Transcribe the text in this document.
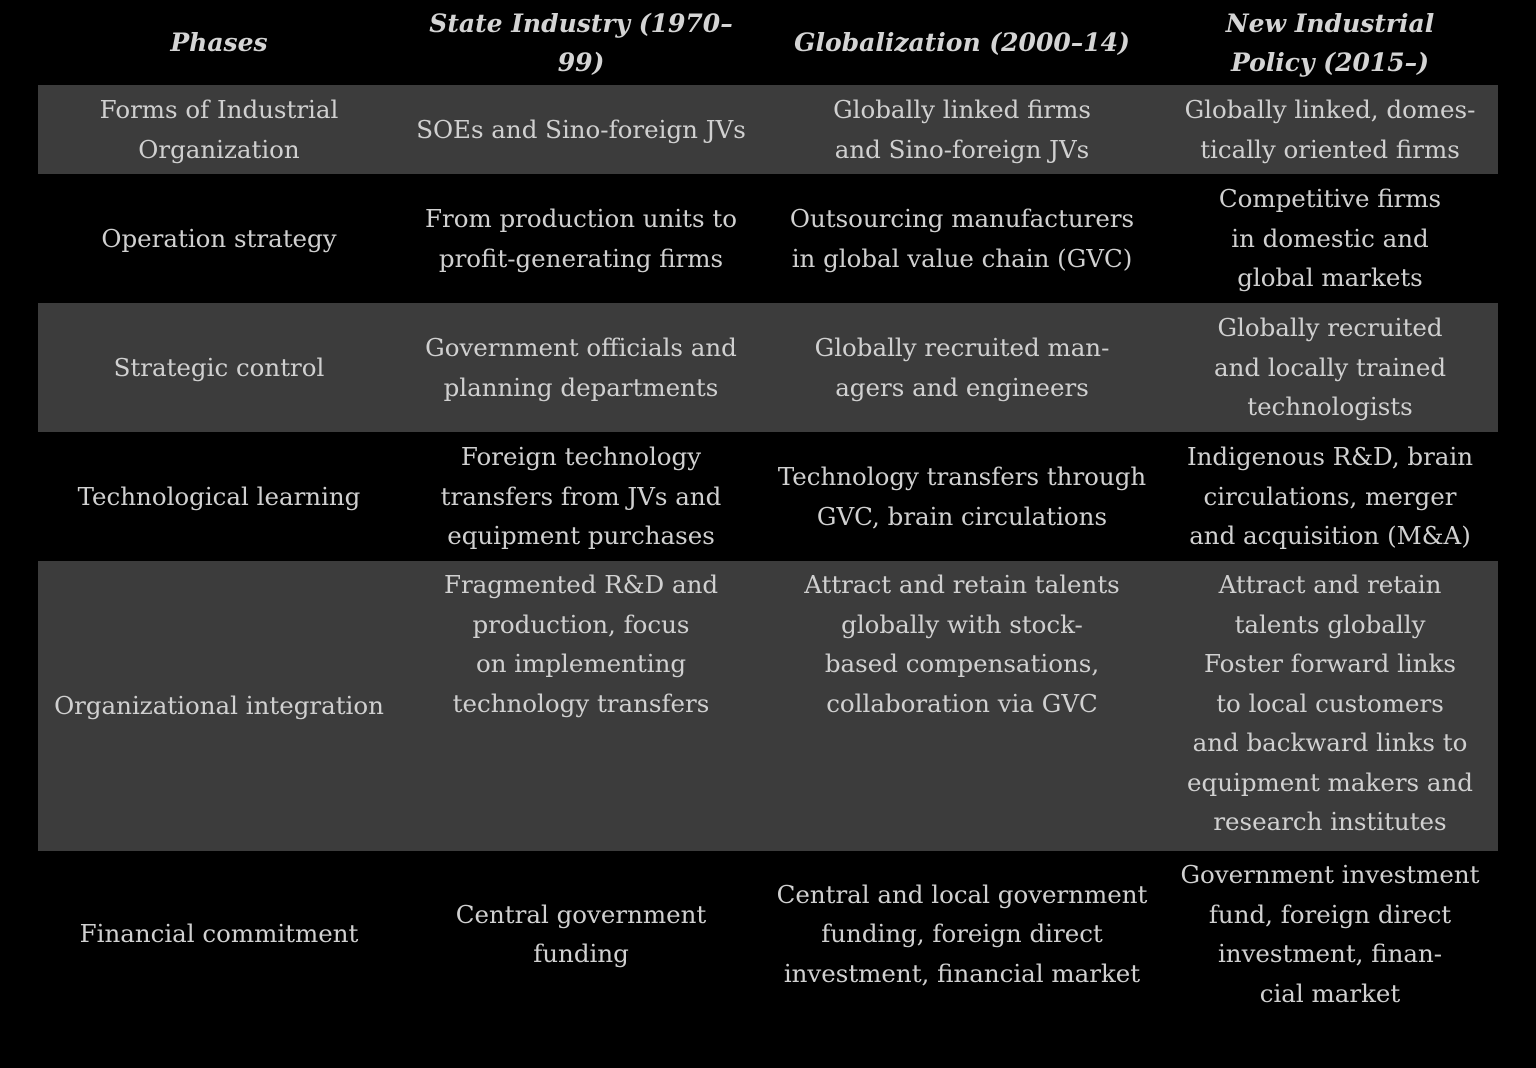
Phases
State Industry (1970–99)
Globalization (2000–14)
New Industrial
Policy (2015–)
Forms of Industrial
Organization
SOEs and Sino-foreign JVs
Globally linked firms
and Sino-foreign JVs
Globally linked, domes-
tically oriented firms
Operation strategy
From production units to
profit-generating firms
Outsourcing manufacturers
in global value chain (GVC)
Competitive firms
in domestic and
global markets
Strategic control
Government officials and
planning departments
Globally recruited man-
agers and engineers
Globally recruited
and locally trained
technologists
Technological learning
Foreign technology
transfers from JVs and
equipment purchases
Technology transfers through
GVC, brain circulations
Indigenous R&D, brain
circulations, merger
and acquisition (M&A)
Organizational integration
Fragmented R&D and
production, focus
on implementing
technology transfers
Attract and retain talents
globally with stock-
based compensations,
collaboration via GVC
Attract and retain
talents globally
Foster forward links
to local customers
and backward links to
equipment makers and
research institutes
Financial commitment
Central government
funding
Central and local government
funding, foreign direct
investment, financial market
Government investment
fund, foreign direct
investment, finan-
cial market
